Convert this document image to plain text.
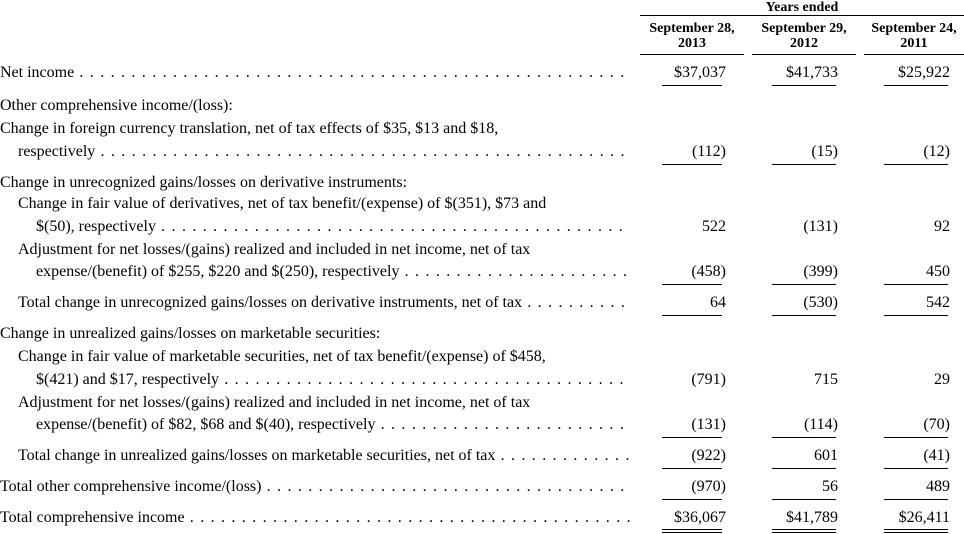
Years ended
September 28, 2013
September 29, 2012
September 24, 2011
Net income . . .	$37,037	$41,733	$25,922
Other comprehensive income/(loss):
Change in foreign currency translation, net of tax effects of $35, $13 and $18,
respectively . . .	(112)	(15)	(12)
Change in unrecognized gains/losses on derivative instruments:
Change in fair value of derivatives, net of tax benefit/(expense) of $(351), $73 and
$(50), respectively . . .	522	(131)	92
Adjustment for net losses/(gains) realized and included in net income, net of tax
expense/(benefit) of $255, $220 and $(250), respectively . . .	(458)	(399)	450
Total change in unrecognized gains/losses on derivative instruments, net of tax . . .	64	(530)	542
Change in unrealized gains/losses on marketable securities:
Change in fair value of marketable securities, net of tax benefit/(expense) of $458,
$(421) and $17, respectively . . .	(791)	715	29
Adjustment for net losses/(gains) realized and included in net income, net of tax
expense/(benefit) of $82, $68 and $(40), respectively . . .	(131)	(114)	(70)
Total change in unrealized gains/losses on marketable securities, net of tax . . .	(922)	601	(41)
Total other comprehensive income/(loss) . . .	(970)	56	489
Total comprehensive income . . .	$36,067	$41,789	$26,411
